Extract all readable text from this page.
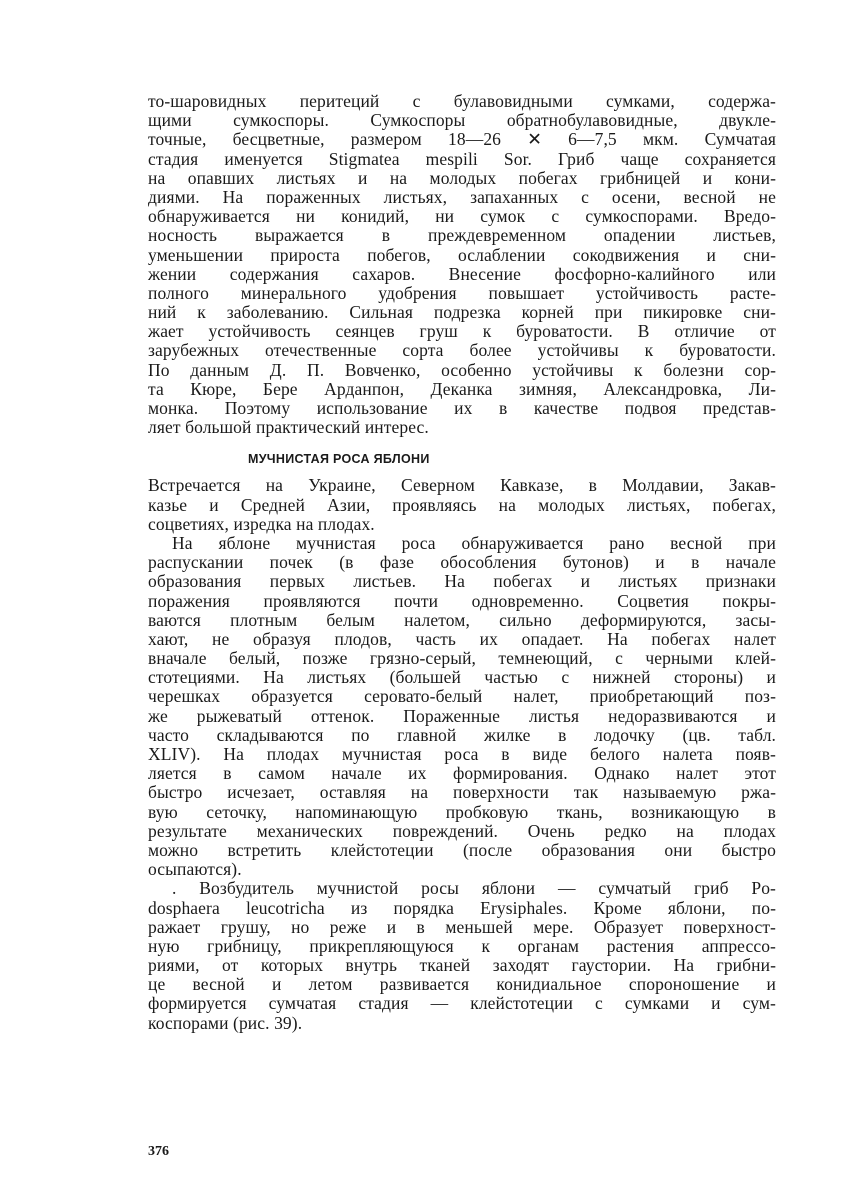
то-шаровидных перитеций с булавовидными сумками, содержа-
щими сумкоспоры. Сумкоспоры обратнобулавовидные, двукле-
точные, бесцветные, размером 18—26 ✕ 6—7,5 мкм. Сумчатая
стадия именуется Stigmatea mespili Sor. Гриб чаще сохраняется
на опавших листьях и на молодых побегах грибницей и кони-
диями. На пораженных листьях, запаханных с осени, весной не
обнаруживается ни конидий, ни сумок с сумкоспорами. Вредо-
носность выражается в преждевременном опадении листьев,
уменьшении прироста побегов, ослаблении сокодвижения и сни-
жении содержания сахаров. Внесение фосфорно-калийного или
полного минерального удобрения повышает устойчивость расте-
ний к заболеванию. Сильная подрезка корней при пикировке сни-
жает устойчивость сеянцев груш к буроватости. В отличие от
зарубежных отечественные сорта более устойчивы к буроватости.
По данным Д. П. Вовченко, особенно устойчивы к болезни сор-
та Кюре, Бере Арданпон, Деканка зимняя, Александровка, Ли-
монка. Поэтому использование их в качестве подвоя представ-
ляет большой практический интерес.
МУЧНИСТАЯ РОСА ЯБЛОНИ
Встречается на Украине, Северном Кавказе, в Молдавии, Закав-
казье и Средней Азии, проявляясь на молодых листьях, побегах,
соцветиях, изредка на плодах.
На яблоне мучнистая роса обнаруживается рано весной при
распускании почек (в фазе обособления бутонов) и в начале
образования первых листьев. На побегах и листьях признаки
поражения проявляются почти одновременно. Соцветия покры-
ваются плотным белым налетом, сильно деформируются, засы-
хают, не образуя плодов, часть их опадает. На побегах налет
вначале белый, позже грязно-серый, темнеющий, с черными клей-
стотециями. На листьях (большей частью с нижней стороны) и
черешках образуется серовато-белый налет, приобретающий поз-
же рыжеватый оттенок. Пораженные листья недоразвиваются и
часто складываются по главной жилке в лодочку (цв. табл.
XLIV). На плодах мучнистая роса в виде белого налета появ-
ляется в самом начале их формирования. Однако налет этот
быстро исчезает, оставляя на поверхности так называемую ржа-
вую сеточку, напоминающую пробковую ткань, возникающую в
результате механических повреждений. Очень редко на плодах
можно встретить клейстотеции (после образования они быстро
осыпаются).
. Возбудитель мучнистой росы яблони — сумчатый гриб Po-
dosphaera leucotricha из порядка Erysiphales. Кроме яблони, по-
ражает грушу, но реже и в меньшей мере. Образует поверхност-
ную грибницу, прикрепляющуюся к органам растения аппрессо-
риями, от которых внутрь тканей заходят гаустории. На грибни-
це весной и летом развивается конидиальное спороношение и
формируется сумчатая стадия — клейстотеции с сумками и сум-
коспорами (рис. 39).
376
